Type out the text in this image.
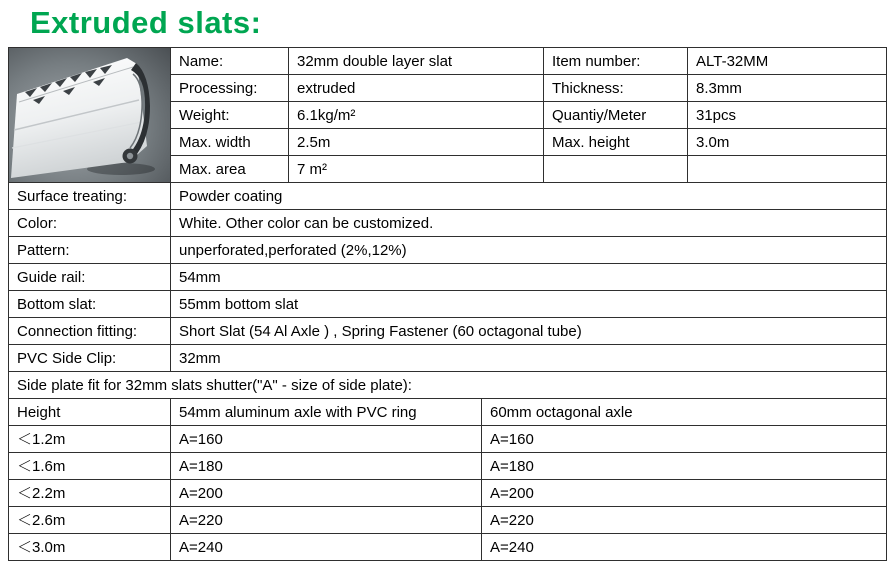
Extruded slats:
	Name:	32mm double layer slat	Item number:	ALT-32MM
	Processing:	extruded	Thickness:	8.3mm
	Weight:	6.1kg/m²	Quantiy/Meter	31pcs
	Max. width	2.5m	Max. height	3.0m
	Max. area	7 m²		
Surface treating:	Powder coating
Color:	White. Other color can be customized.
Pattern:	unperforated,perforated (2%,12%)
Guide rail:	54mm
Bottom slat:	55mm bottom slat
Connection fitting:	Short Slat (54 Al Axle ) , Spring Fastener (60 octagonal tube)
PVC Side Clip:	32mm
Side plate fit for 32mm slats shutter("A" - size of side plate):	
Height	54mm aluminum axle with PVC ring	60mm octagonal axle
＜1.2m	A=160	A=160
＜1.6m	A=180	A=180
＜2.2m	A=200	A=200
＜2.6m	A=220	A=220
＜3.0m	A=240	A=240
